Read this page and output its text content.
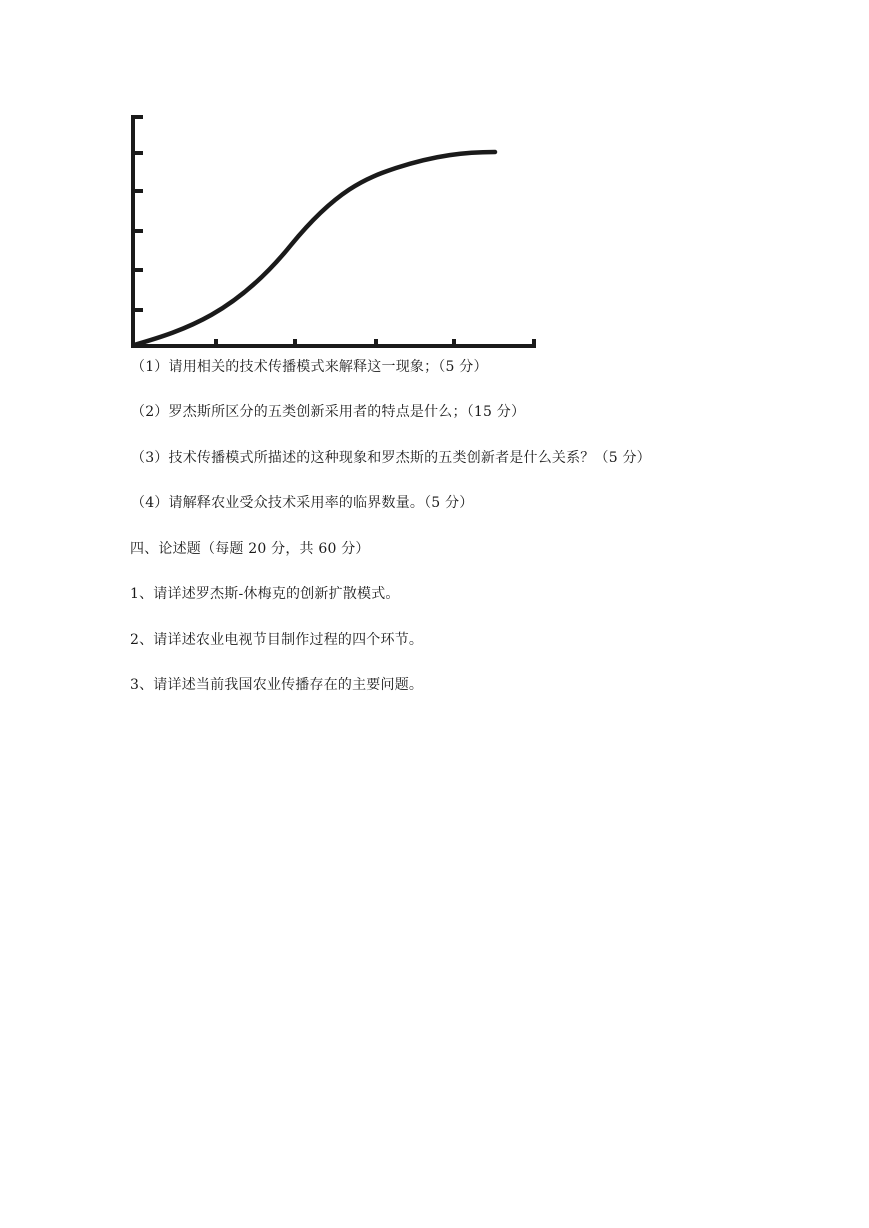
（1）请用相关的技术传播模式来解释这一现象；（5 分）
（2）罗杰斯所区分的五类创新采用者的特点是什么；（15 分）
（3）技术传播模式所描述的这种现象和罗杰斯的五类创新者是什么关系？（5 分）
（4）请解释农业受众技术采用率的临界数量。（5 分）
四、论述题（每题 20 分，共 60 分）
1、请详述罗杰斯-休梅克的创新扩散模式。
2、请详述农业电视节目制作过程的四个环节。
3、请详述当前我国农业传播存在的主要问题。
